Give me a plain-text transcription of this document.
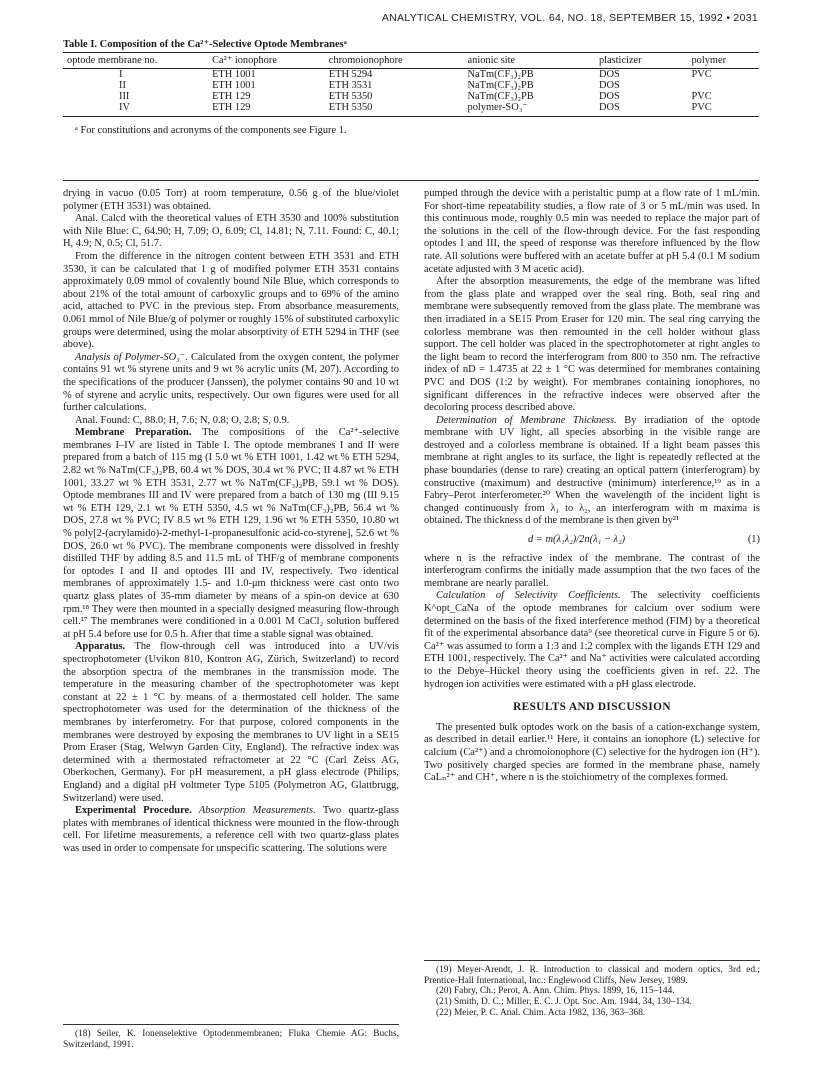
ANALYTICAL CHEMISTRY, VOL. 64, NO. 18, SEPTEMBER 15, 1992 • 2031
Table I. Composition of the Ca²⁺-Selective Optode Membranesᵃ
optode membrane no.	Ca²⁺ ionophore	chromoionophore	anionic site	plasticizer	polymer
I	ETH 1001	ETH 5294	NaTm(CF₃)₂PB	DOS	PVC
II	ETH 1001	ETH 3531	NaTm(CF₃)₂PB	DOS	
III	ETH 129	ETH 5350	NaTm(CF₃)₂PB	DOS	PVC
IV	ETH 129	ETH 5350	polymer-SO₃⁻	DOS	PVC
ᵃ For constitutions and acronyms of the components see Figure 1.

drying in vacuo (0.05 Torr) at room temperature, 0.56 g of the blue/violet polymer (ETH 3531) was obtained.

Anal. Calcd with the theoretical values of ETH 3530 and 100% substitution with Nile Blue: C, 64.90; H, 7.09; O, 6.09; Cl, 14.81; N, 7.11. Found: C, 40.1; H, 4.9; N, 0.5; Cl, 51.7.

From the difference in the nitrogen content between ETH 3531 and ETH 3530, it can be calculated that 1 g of modified polymer ETH 3531 contains approximately 0.09 mmol of covalently bound Nile Blue, which corresponds to about 21% of the total amount of carboxylic groups and to 69% of the amino acid, attached to PVC in the previous step. From absorbance measurements, 0.061 mmol of Nile Blue/g of polymer or roughly 15% of substituted carboxylic groups were determined, using the molar absorptivity of ETH 5294 in THF (see above).

Analysis of Polymer-SO₃⁻. Calculated from the oxygen content, the polymer contains 91 wt % styrene units and 9 wt % acrylic units (Mᵣ 207). According to the specifications of the producer (Janssen), the polymer contains 90 and 10 wt % of styrene and acrylic units, respectively. Our own figures were used for all further calculations.

Anal. Found: C, 88.0; H, 7.6; N, 0.8; O, 2.8; S, 0.9.

Membrane Preparation. The compositions of the Ca²⁺-selective membranes I–IV are listed in Table I. The optode membranes I and II were prepared from a batch of 115 mg (I 5.0 wt % ETH 1001, 1.42 wt % ETH 5294, 2.82 wt % NaTm(CF₃)₂PB, 60.4 wt % DOS, 30.4 wt % PVC; II 4.87 wt % ETH 1001, 33.27 wt % ETH 3531, 2.77 wt % NaTm(CF₃)₂PB, 59.1 wt % DOS). Optode membranes III and IV were prepared from a batch of 130 mg (III 9.15 wt % ETH 129, 2.1 wt % ETH 5350, 4.5 wt % NaTm(CF₃)₂PB, 56.4 wt % DOS, 27.8 wt % PVC; IV 8.5 wt % ETH 129, 1.96 wt % ETH 5350, 10.80 wt % poly[2-(acrylamido)-2-methyl-1-propanesulfonic acid-co-styrene], 52.6 wt % DOS, 26.0 wt % PVC). The membrane components were dissolved in freshly distilled THF by adding 8.5 and 11.5 mL of THF/g of membrane components for optodes I and II and optodes III and IV, respectively. Two identical membranes of approximately 1.5- and 1.0-μm thickness were cast onto two quartz glass plates of 35-mm diameter by means of a spin-on device at 630 rpm.¹⁸ They were then mounted in a specially designed measuring flow-through cell.¹⁷ The membranes were conditioned in a 0.001 M CaCl₂ solution buffered at pH 5.4 before use for 0.5 h. After that time a stable signal was obtained.

Apparatus. The flow-through cell was introduced into a UV/vis spectrophotometer (Uvikon 810, Kontron AG, Zürich, Switzerland) to record the absorption spectra of the membranes in the transmission mode. The temperature in the measuring chamber of the spectrophotometer was kept constant at 22 ± 1 °C by means of a thermostated cell holder. The same spectrophotometer was used for the determination of the thickness of the membranes by interferometry. For that purpose, colored components in the membranes were destroyed by exposing the membranes to UV light in a SE15 Prom Eraser (Stag, Welwyn Garden City, England). The refractive index was determined with a thermostated refractometer at 22 °C (Carl Zeiss AG, Oberkochen, Germany). For pH measurement, a pH glass electrode (Philips, England) and a digital pH voltmeter Type 5105 (Polymetron AG, Glattbrugg, Switzerland) were used.

Experimental Procedure. Absorption Measurements. Two quartz-glass plates with membranes of identical thickness were mounted in the flow-through cell. For lifetime measurements, a reference cell with two quartz-glass plates was used in order to compensate for unspecific scattering. The solutions were

(18) Seiler, K. Ionenselektive Optodenmembranen; Fluka Chemie AG: Buchs, Switzerland, 1991.

pumped through the device with a peristaltic pump at a flow rate of 1 mL/min. For short-time repeatability studies, a flow rate of 3 or 5 mL/min was used. In this continuous mode, roughly 0.5 min was needed to replace the major part of the solutions in the cell of the flow-through device. For the fast responding optodes I and III, the speed of response was therefore influenced by the flow rate. All solutions were buffered with an acetate buffer at pH 5.4 (0.1 M sodium acetate adjusted with 3 M acetic acid).

After the absorption measurements, the edge of the membrane was lifted from the glass plate and wrapped over the seal ring. Both, seal ring and membrane were subsequently removed from the glass plate. The membrane was then irradiated in a SE15 Prom Eraser for 120 min. The seal ring carrying the colorless membrane was then remounted in the cell holder without glass support. The cell holder was placed in the spectrophotometer at right angles to the light beam to record the interferogram from 800 to 350 nm. The refractive index of nD = 1.4735 at 22 ± 1 °C was determined for membranes containing PVC and DOS (1:2 by weight). For membranes containing ionophores, no significant differences in the refractive indeces were observed after the decoloring process described above.

Determination of Membrane Thickness. By irradiation of the optode membrane with UV light, all species absorbing in the visible range are destroyed and a colorless membrane is obtained. If a light beam passes this membrane at right angles to its surface, the light is repeatedly reflected at the phase boundaries (dense to rare) creating an optical pattern (interferogram) by constructive (maximum) and destructive (minimum) interference,¹⁹ as in a Fabry–Perot interferometer.²⁰ When the wavelength of the incident light is changed continuously from λ₁ to λ₂, an interferogram with m maxima is obtained. The thickness d of the membrane is then given by²¹

d = m(λ₁λ₂)/2n(λ₁ − λ₂)	(1)

where n is the refractive index of the membrane. The contrast of the interferogram confirms the initially made assumption that the two faces of the membrane are nearly parallel.

Calculation of Selectivity Coefficients. The selectivity coefficients K^opt_CaNa of the optode membranes for calcium over sodium were determined on the basis of the fixed interference method (FIM) by a theoretical fit of the experimental absorbance data⁹ (see theoretical curve in Figure 5 or 6). Ca²⁺ was assumed to form a 1:3 and 1:2 complex with the ligands ETH 129 and ETH 1001, respectively. The Ca²⁺ and Na⁺ activities were calculated according to the Debye–Hückel theory using the coefficients given in ref. 22. The hydrogen ion activities were estimated with a pH glass electrode.

RESULTS AND DISCUSSION

The presented bulk optodes work on the basis of a cation-exchange system, as described in detail earlier.¹¹ Here, it contains an ionophore (L) selective for calcium (Ca²⁺) and a chromoionophore (C) selective for the hydrogen ion (H⁺). Two positively charged species are formed in the membrane phase, namely CaLₙ²⁺ and CH⁺, where n is the stoichiometry of the complexes formed.

(19) Meyer-Arendt, J. R. Introduction to classical and modern optics, 3rd ed.; Prentice-Hall International, Inc.: Englewood Cliffs, New Jersey, 1989.

(20) Fabry, Ch.; Perot, A. Ann. Chim. Phys. 1899, 16, 115–144.

(21) Smith, D. C.; Miller, E. C. J. Opt. Soc. Am. 1944, 34, 130–134.

(22) Meier, P. C. Anal. Chim. Acta 1982, 136, 363–368.
